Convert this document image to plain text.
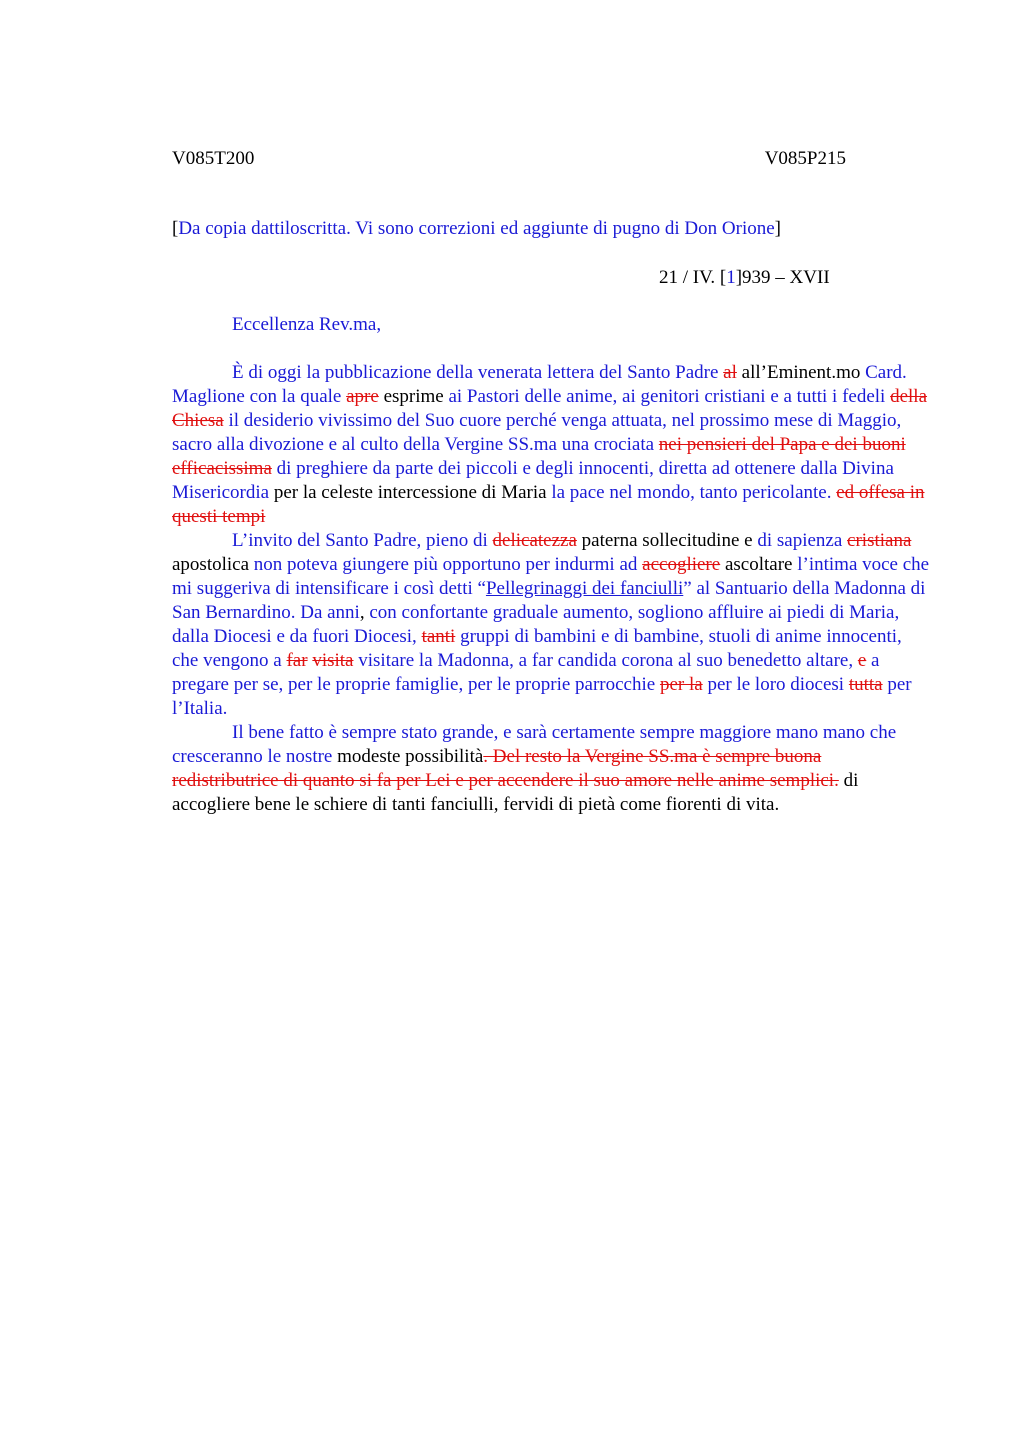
V085T200	V085P215
[Da copia dattiloscritta. Vi sono correzioni ed aggiunte di pugno di Don Orione]
21 / IV. [1]939 – XVII
Eccellenza Rev.ma,

È di oggi la pubblicazione della venerata lettera del Santo Padre al all’Eminent.mo Card. Maglione con la quale apre esprime ai Pastori delle anime, ai genitori cristiani e a tutti i fedeli della Chiesa il desiderio vivissimo del Suo cuore perché venga attuata, nel prossimo mese di Maggio, sacro alla divozione e al culto della Vergine SS.ma una crociata nei pensieri del Papa e dei buoni efficacissima di preghiere da parte dei piccoli e degli innocenti, diretta ad ottenere dalla Divina Misericordia per la celeste intercessione di Maria la pace nel mondo, tanto pericolante. ed offesa in questi tempi

L’invito del Santo Padre, pieno di delicatezza paterna sollecitudine e di sapienza cristiana apostolica non poteva giungere più opportuno per indurmi ad accogliere ascoltare l’intima voce che mi suggeriva di intensificare i così detti “Pellegrinaggi dei fanciulli” al Santuario della Madonna di San Bernardino. Da anni, con confortante graduale aumento, sogliono affluire ai piedi di Maria, dalla Diocesi e da fuori Diocesi, tanti gruppi di bambini e di bambine, stuoli di anime innocenti, che vengono a far visita visitare la Madonna, a far candida corona al suo benedetto altare, e a pregare per se, per le proprie famiglie, per le proprie parrocchie per la per le loro diocesi tutta per l’Italia.

Il bene fatto è sempre stato grande, e sarà certamente sempre maggiore mano mano che cresceranno le nostre modeste possibilità. Del resto la Vergine SS.ma è sempre buona redistributrice di quanto si fa per Lei e per accendere il suo amore nelle anime semplici. di accogliere bene le schiere di tanti fanciulli, fervidi di pietà come fiorenti di vita.
